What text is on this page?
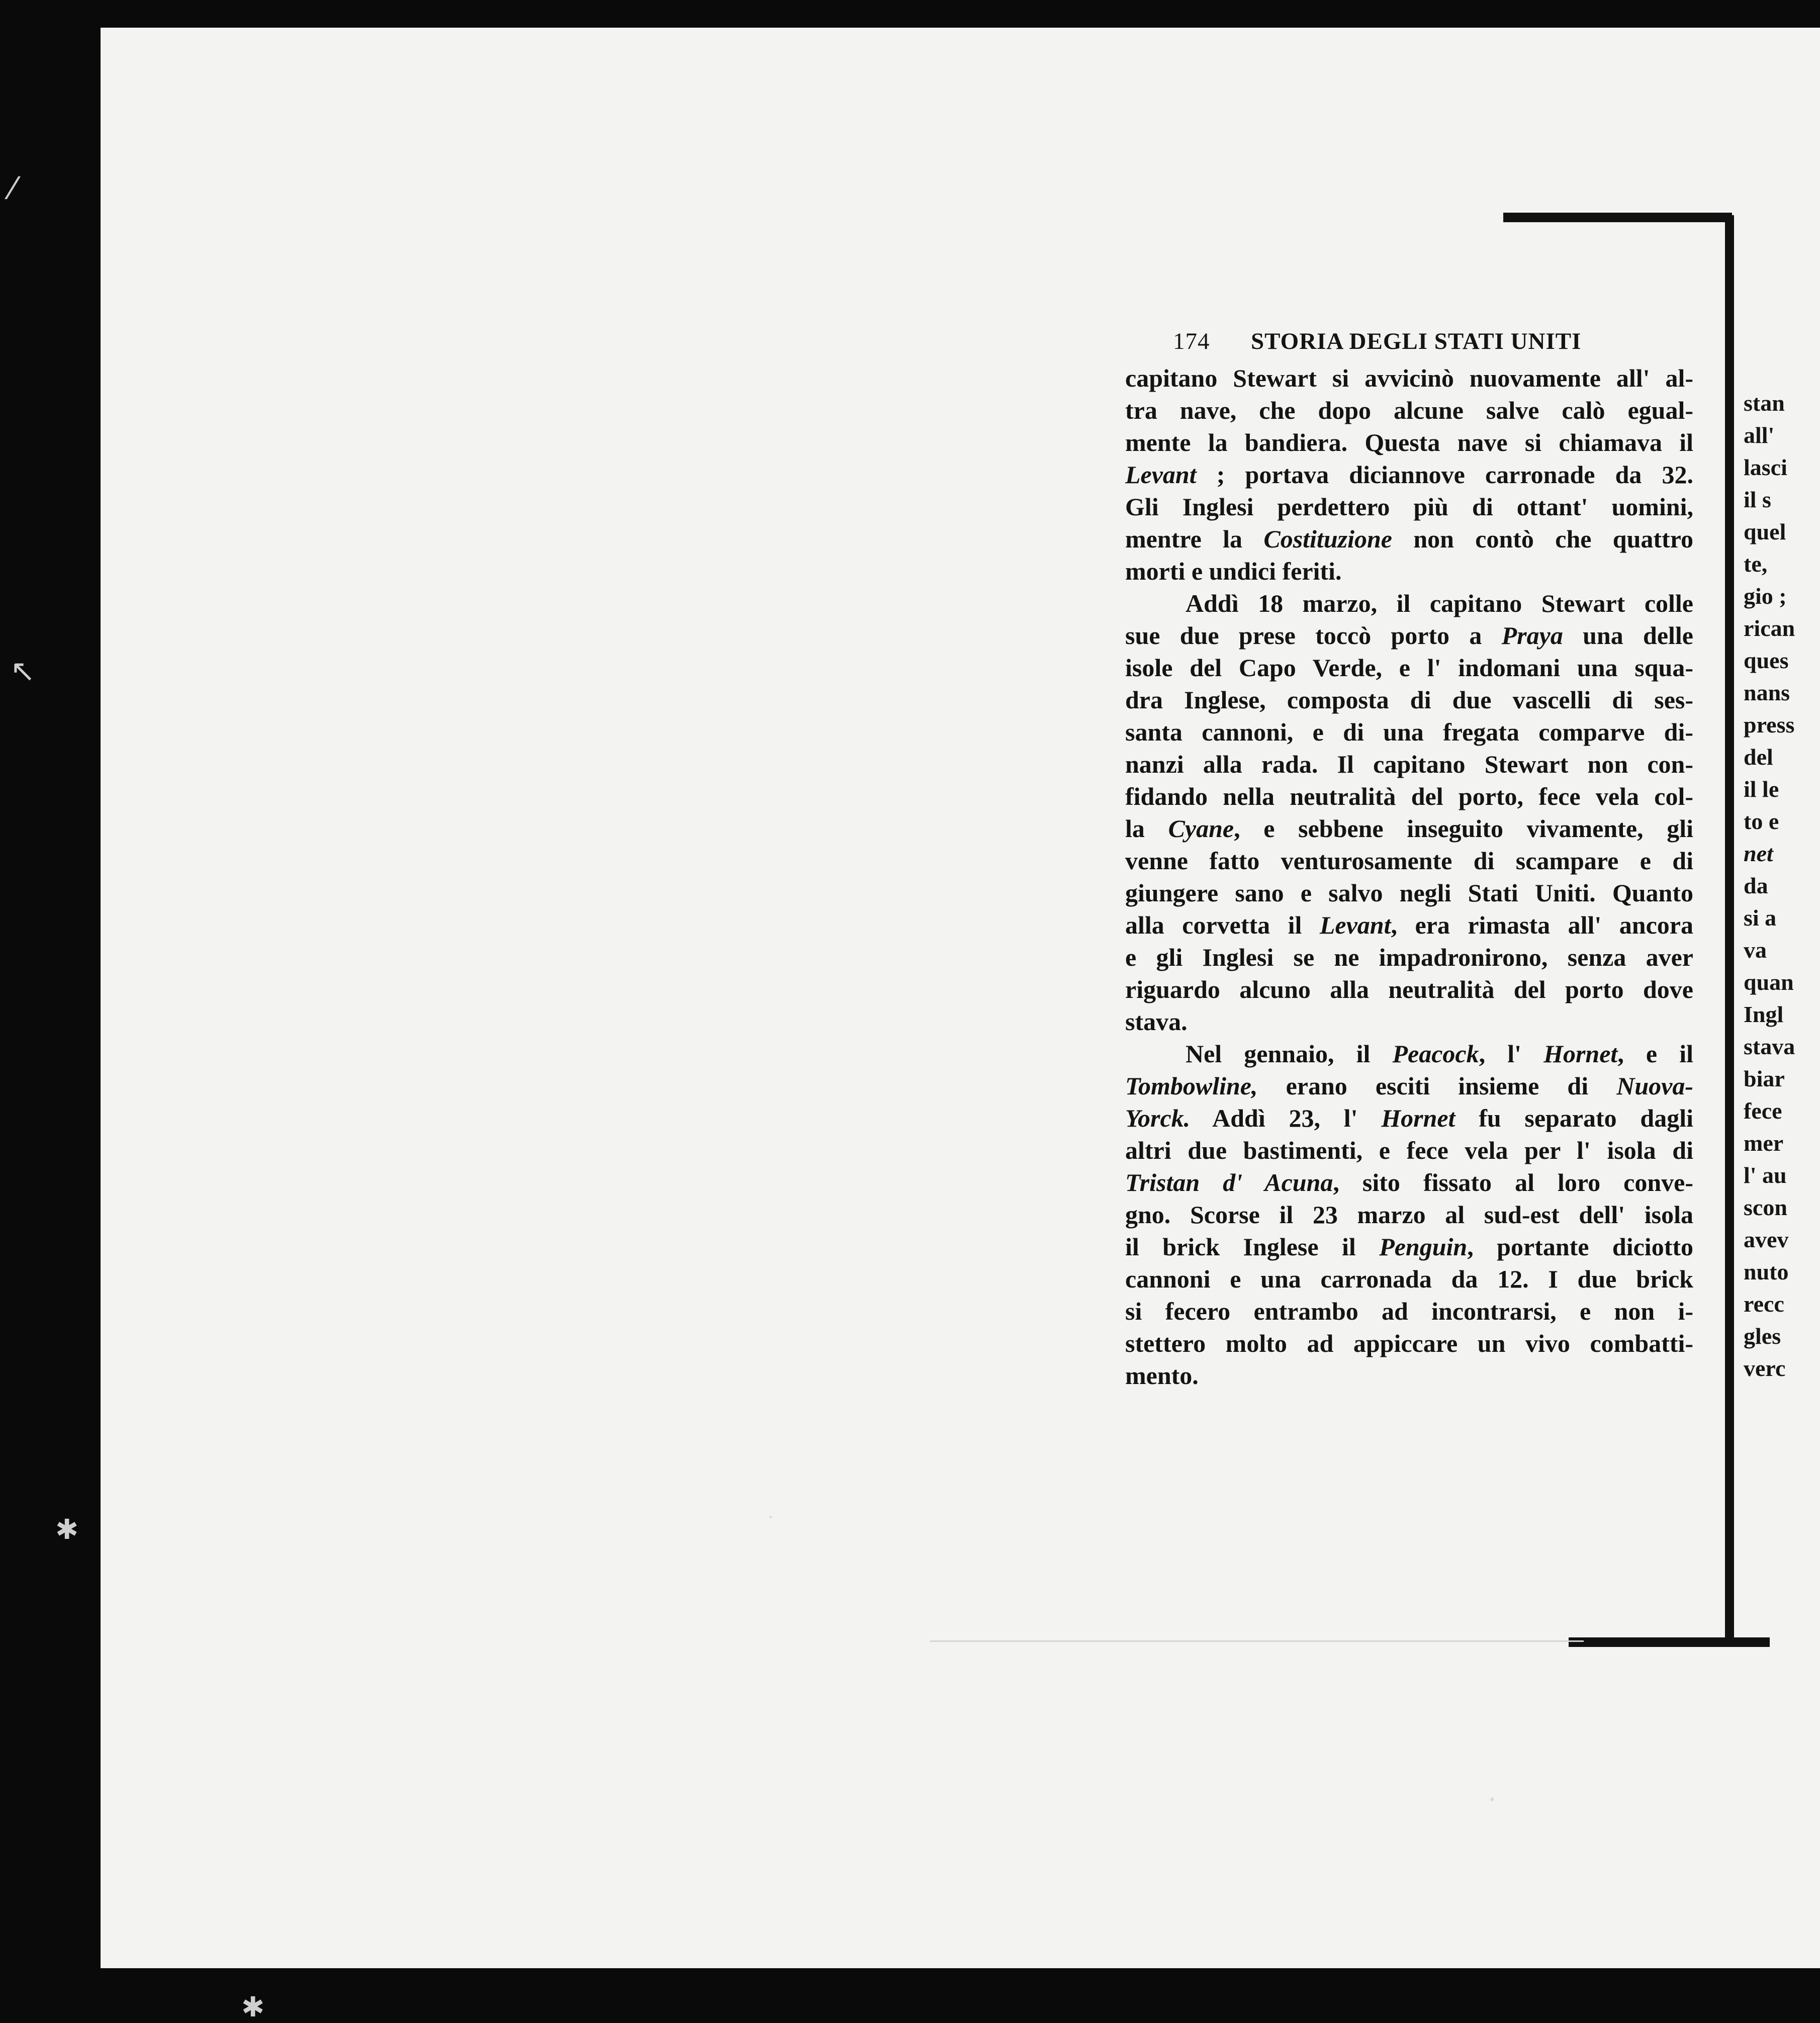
⁄
↖
✱
✱
174 STORIA DEGLI STATI UNITI
capitano Stewart si avvicinò nuovamente all' al-
tra nave, che dopo alcune salve calò egual-
mente la bandiera. Questa nave si chiamava il
Levant ; portava diciannove carronade da 32.
Gli Inglesi perdettero più di ottant' uomini,
mentre la Costituzione non contò che quattro
morti e undici feriti.
Addì 18 marzo, il capitano Stewart colle
sue due prese toccò porto a Praya una delle
isole del Capo Verde, e l' indomani una squa-
dra Inglese, composta di due vascelli di ses-
santa cannoni, e di una fregata comparve di-
nanzi alla rada. Il capitano Stewart non con-
fidando nella neutralità del porto, fece vela col-
la Cyane, e sebbene inseguito vivamente, gli
venne fatto venturosamente di scampare e di
giungere sano e salvo negli Stati Uniti. Quanto
alla corvetta il Levant, era rimasta all' ancora
e gli Inglesi se ne impadronirono, senza aver
riguardo alcuno alla neutralità del porto dove
stava.
Nel gennaio, il Peacock, l' Hornet, e il
Tombowline, erano esciti insieme di Nuova-
Yorck. Addì 23, l' Hornet fu separato dagli
altri due bastimenti, e fece vela per l' isola di
Tristan d' Acuna, sito fissato al loro conve-
gno. Scorse il 23 marzo al sud-est dell' isola
il brick Inglese il Penguin, portante diciotto
cannoni e una carronada da 12. I due brick
si fecero entrambo ad incontrarsi, e non i-
stettero molto ad appiccare un vivo combatti-
mento.
stan
all'
lasci
il s
quel
te,
gio ;
rican
ques
nans
press
del
il le
to e
net
da
si a
va
quan
Ingl
stava
biar
fece
mer
l' au
scon
avev
nuto
recc
gles
verc
